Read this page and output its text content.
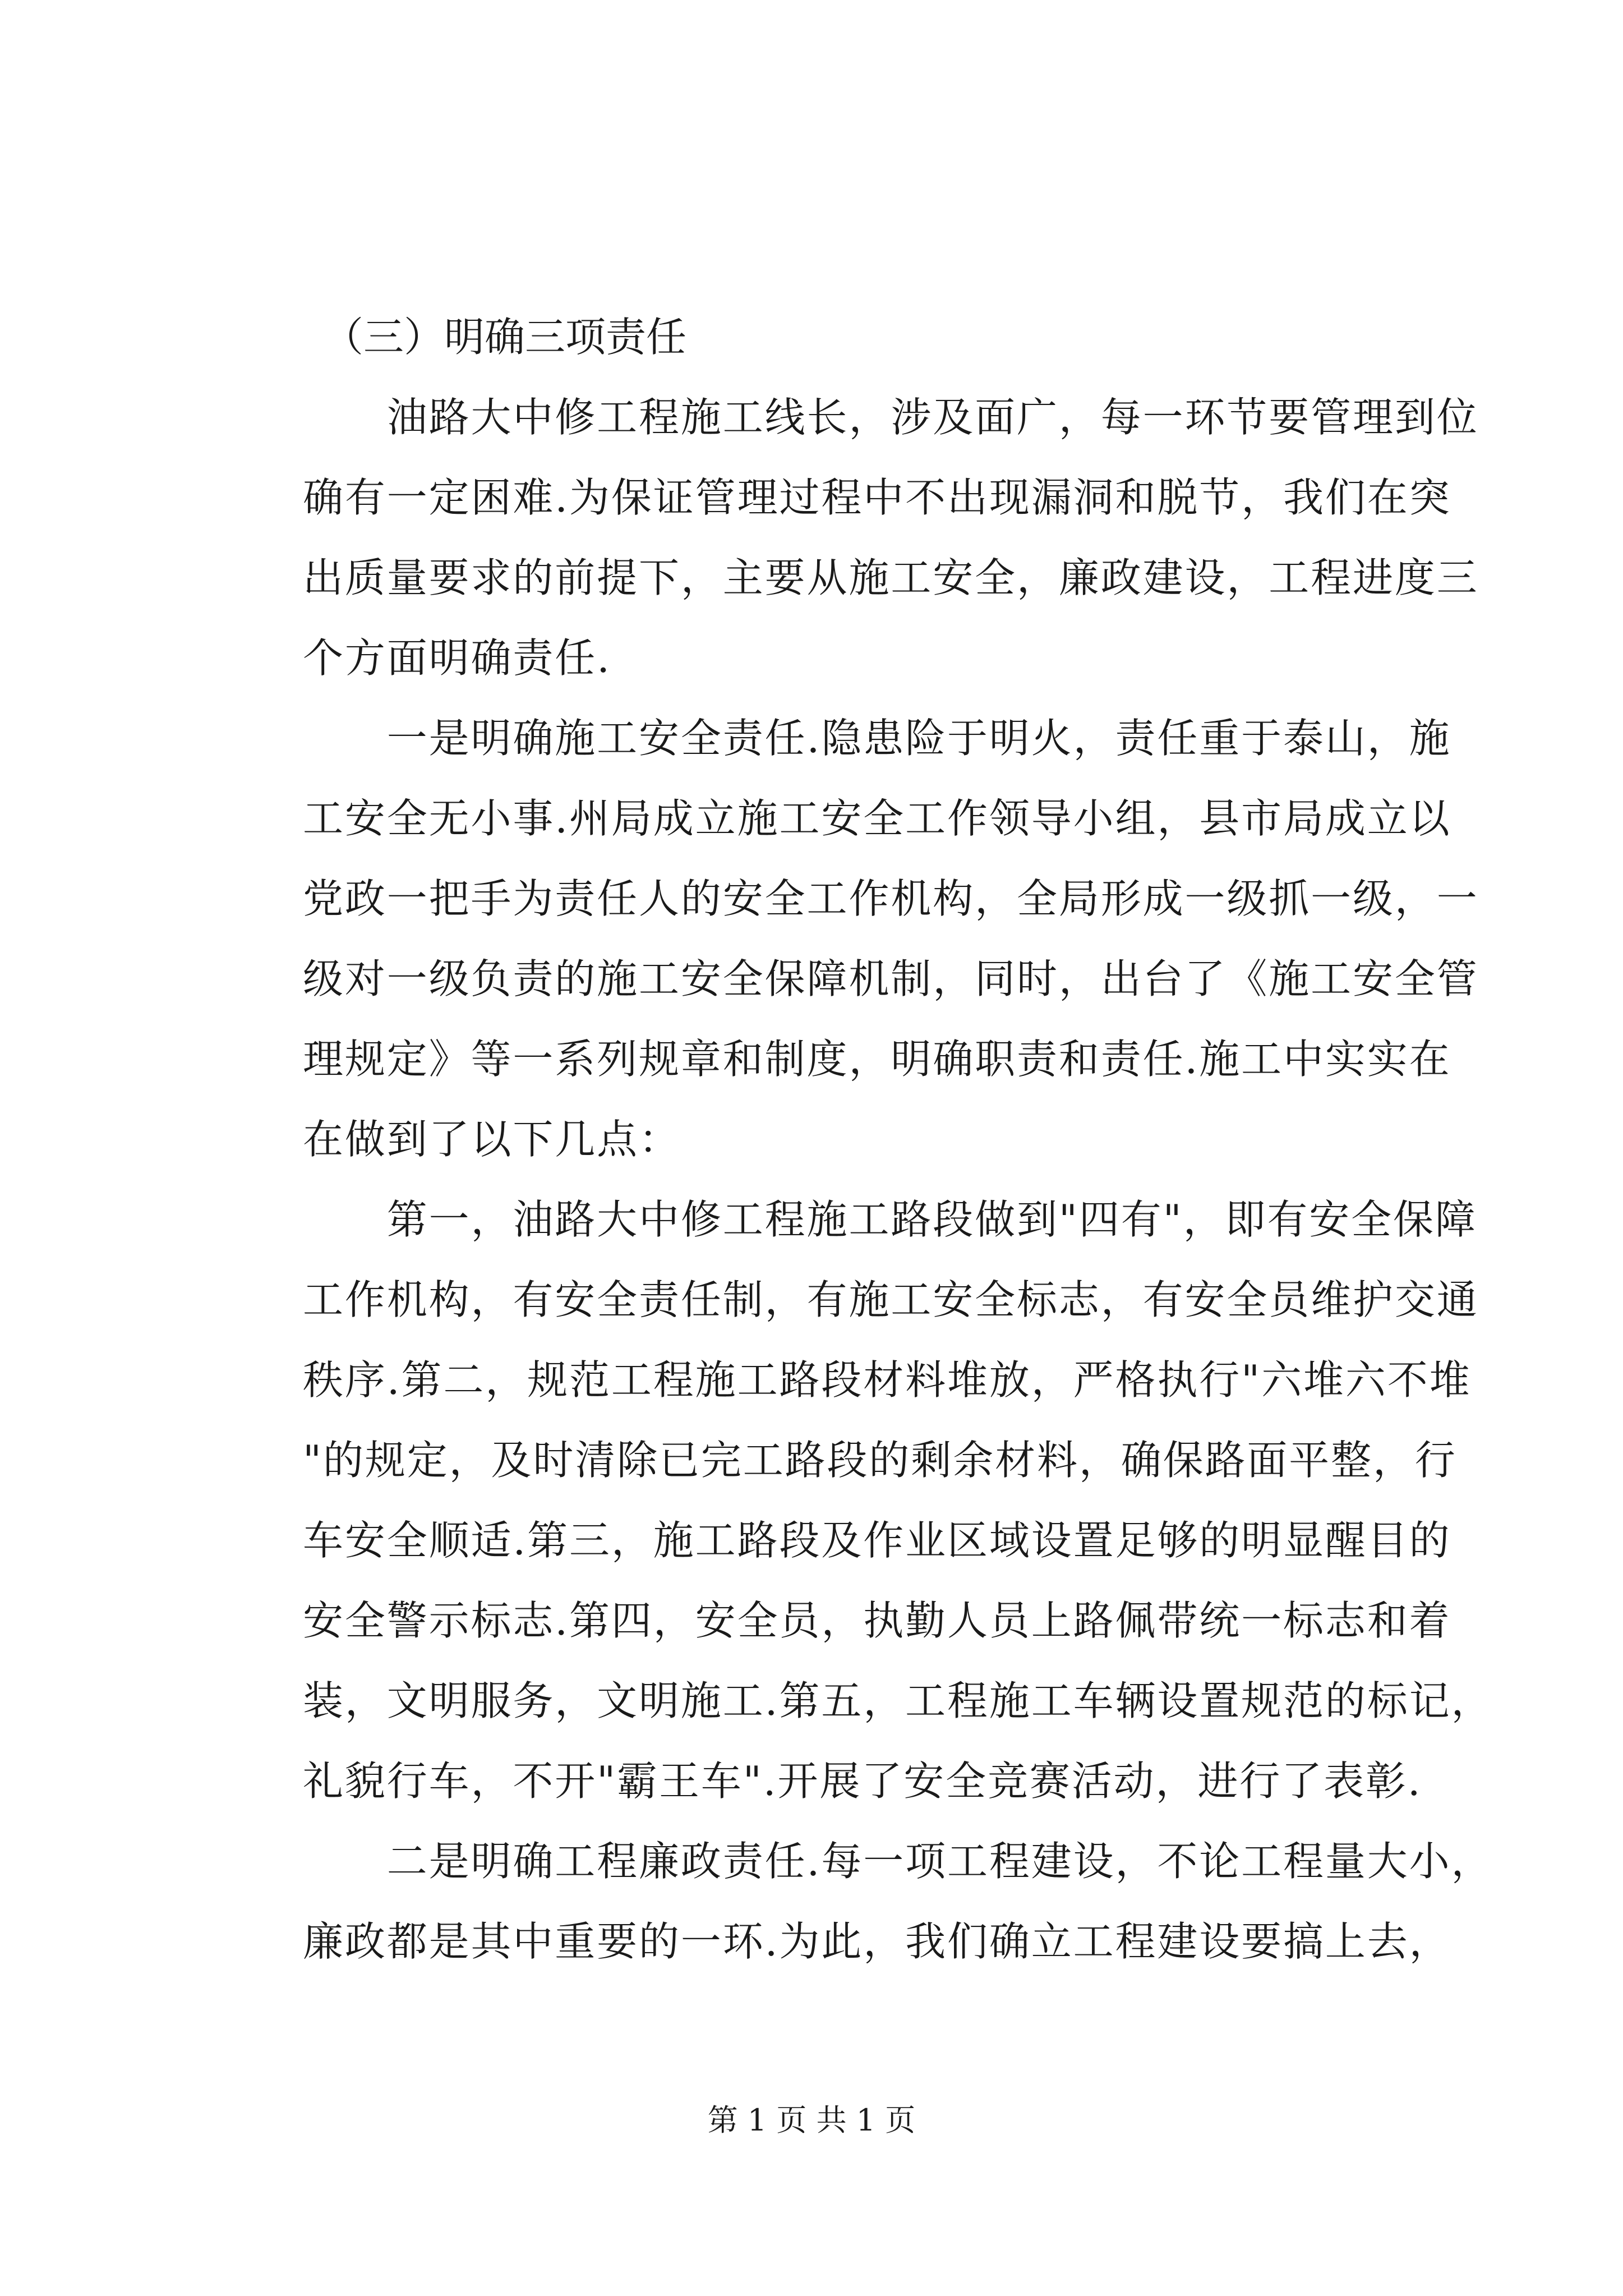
　（三）明确三项责任
　　油路大中修工程施工线长，涉及面广，每一环节要管理到位
确有一定困难.为保证管理过程中不出现漏洞和脱节，我们在突
出质量要求的前提下，主要从施工安全，廉政建设，工程进度三
个方面明确责任.
　　一是明确施工安全责任.隐患险于明火，责任重于泰山，施
工安全无小事.州局成立施工安全工作领导小组，县市局成立以
党政一把手为责任人的安全工作机构，全局形成一级抓一级，一
级对一级负责的施工安全保障机制，同时，出台了《施工安全管
理规定》等一系列规章和制度，明确职责和责任.施工中实实在
在做到了以下几点：
　　第一，油路大中修工程施工路段做到"四有"，即有安全保障
工作机构，有安全责任制，有施工安全标志，有安全员维护交通
秩序.第二，规范工程施工路段材料堆放，严格执行"六堆六不堆
"的规定，及时清除已完工路段的剩余材料，确保路面平整，行
车安全顺适.第三，施工路段及作业区域设置足够的明显醒目的
安全警示标志.第四，安全员，执勤人员上路佩带统一标志和着
装，文明服务，文明施工.第五，工程施工车辆设置规范的标记，
礼貌行车，不开"霸王车".开展了安全竞赛活动，进行了表彰.
　　二是明确工程廉政责任.每一项工程建设，不论工程量大小，
廉政都是其中重要的一环.为此，我们确立工程建设要搞上去，
第 1 页 共 1 页
